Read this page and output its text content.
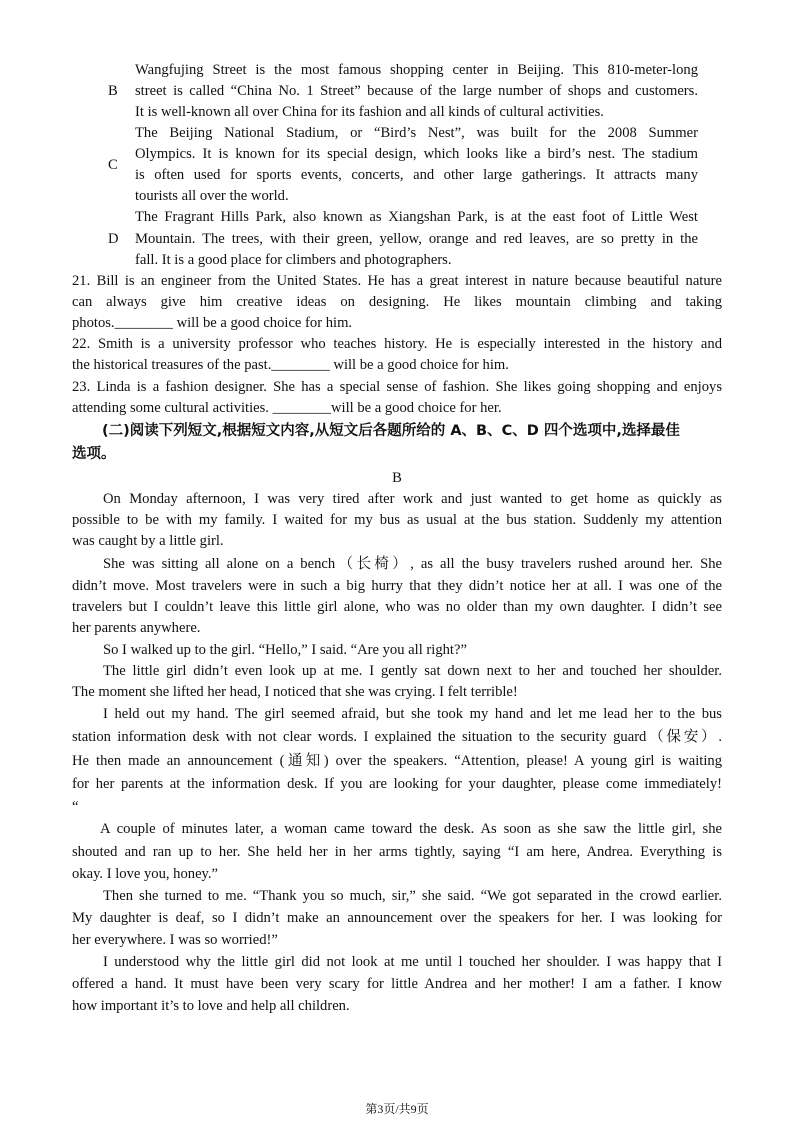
B
Wangfujing Street is the most famous shopping center in Beijing. This 810-meter-long
street is called “China No. 1 Street” because of the large number of shops and customers.
It is well-known all over China for its fashion and all kinds of cultural activities.
C
The Beijing National Stadium, or “Bird’s Nest”, was built for the 2008 Summer
Olympics. It is known for its special design, which looks like a bird’s nest. The stadium
is often used for sports events, concerts, and other large gatherings. It attracts many
tourists all over the world.
D
The Fragrant Hills Park, also known as Xiangshan Park, is at the east foot of Little West
Mountain. The trees, with their green, yellow, orange and red leaves, are so pretty in the
fall. It is a good place for climbers and photographers.
21. Bill is an engineer from the United States. He has a great interest in nature because beautiful nature
can always give him creative ideas on designing. He likes mountain climbing and taking
photos.________ will be a good choice for him.
22. Smith is a university professor who teaches history. He is especially interested in the history and
the historical treasures of the past.________ will be a good choice for him.
23. Linda is a fashion designer. She has a special sense of fashion. She likes going shopping and enjoys
attending some cultural activities. ________will be a good choice for her.
(二)阅读下列短文,根据短文内容,从短文后各题所给的 A、B、C、D 四个选项中,选择最佳
选项。
B
On Monday afternoon, I was very tired after work and just wanted to get home as quickly as
possible to be with my family. I waited for my bus as usual at the bus station. Suddenly my attention
was caught by a little girl.
She was sitting all alone on a bench（长椅）, as all the busy travelers rushed around her. She
didn’t move. Most travelers were in such a big hurry that they didn’t notice her at all. I was one of the
travelers but I couldn’t leave this little girl alone, who was no older than my own daughter. I didn’t see
her parents anywhere.
So I walked up to the girl. “Hello,” I said. “Are you all right?”
The little girl didn’t even look up at me. I gently sat down next to her and touched her shoulder.
The moment she lifted her head, I noticed that she was crying. I felt terrible!
I held out my hand. The girl seemed afraid, but she took my hand and let me lead her to the bus
station information desk with not clear words. I explained the situation to the security guard（保安）.
He then made an announcement (通知) over the speakers. “Attention, please! A young girl is waiting
for her parents at the information desk. If you are looking for your daughter, please come immediately!
“
A couple of minutes later, a woman came toward the desk. As soon as she saw the little girl, she
shouted and ran up to her. She held her in her arms tightly, saying “I am here, Andrea. Everything is
okay. I love you, honey.”
Then she turned to me. “Thank you so much, sir,” she said. “We got separated in the crowd earlier.
My daughter is deaf, so I didn’t make an announcement over the speakers for her. I was looking for
her everywhere. I was so worried!”
I understood why the little girl did not look at me until l touched her shoulder. I was happy that I
offered a hand. It must have been very scary for little Andrea and her mother! I am a father. I know
how important it’s to love and help all children.
第3页/共9页
